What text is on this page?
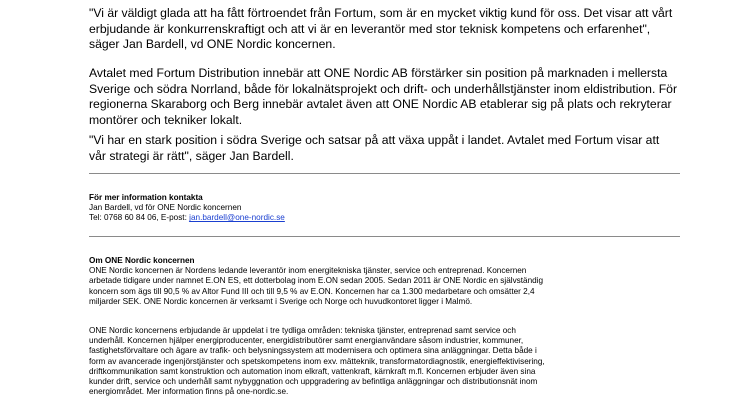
"Vi är väldigt glada att ha fått förtroendet från Fortum, som är en mycket viktig kund för oss. Det visar att vårt erbjudande är konkurrenskraftigt och att vi är en leverantör med stor teknisk kompetens och erfarenhet", säger Jan Bardell, vd ONE Nordic koncernen.

Avtalet med Fortum Distribution innebär att ONE Nordic AB förstärker sin position på marknaden i mellersta Sverige och södra Norrland, både för lokalnätsprojekt och drift- och underhållstjänster inom eldistribution. För regionerna Skaraborg och Berg innebär avtalet även att ONE Nordic AB etablerar sig på plats och rekryterar montörer och tekniker lokalt.

"Vi har en stark position i södra Sverige och satsar på att växa uppåt i landet. Avtalet med Fortum visar att vår strategi är rätt", säger Jan Bardell.

För mer information kontakta
Jan Bardell, vd för ONE Nordic koncernen
Tel: 0768 60 84 06, E-post: jan.bardell@one-nordic.se
Om ONE Nordic koncernen
ONE Nordic koncernen är Nordens ledande leverantör inom energitekniska tjänster, service och entreprenad. Koncernen
arbetade tidigare under namnet E.ON ES, ett dotterbolag inom E.ON sedan 2005. Sedan 2011 är ONE Nordic en självständig
koncern som ägs till 90,5 % av Altor Fund III och till 9,5 % av E.ON. Koncernen har ca 1.300 medarbetare och omsätter 2,4
miljarder SEK. ONE Nordic koncernen är verksamt i Sverige och Norge och huvudkontoret ligger i Malmö.
ONE Nordic koncernens erbjudande är uppdelat i tre tydliga områden: tekniska tjänster, entreprenad samt service och
underhåll. Koncernen hjälper energiproducenter, energidistributörer samt energianvändare såsom industrier, kommuner,
fastighetsförvaltare och ägare av trafik- och belysningssystem att modernisera och optimera sina anläggningar. Detta både i
form av avancerade ingenjörstjänster och spetskompetens inom exv. mätteknik, transformatordiagnostik, energieffektivisering,
driftkommunikation samt konstruktion och automation inom elkraft, vattenkraft, kärnkraft m.fl. Koncernen erbjuder även sina
kunder drift, service och underhåll samt nybyggnation och uppgradering av befintliga anläggningar och distributionsnät inom
energiområdet. Mer information finns på one-nordic.se.
